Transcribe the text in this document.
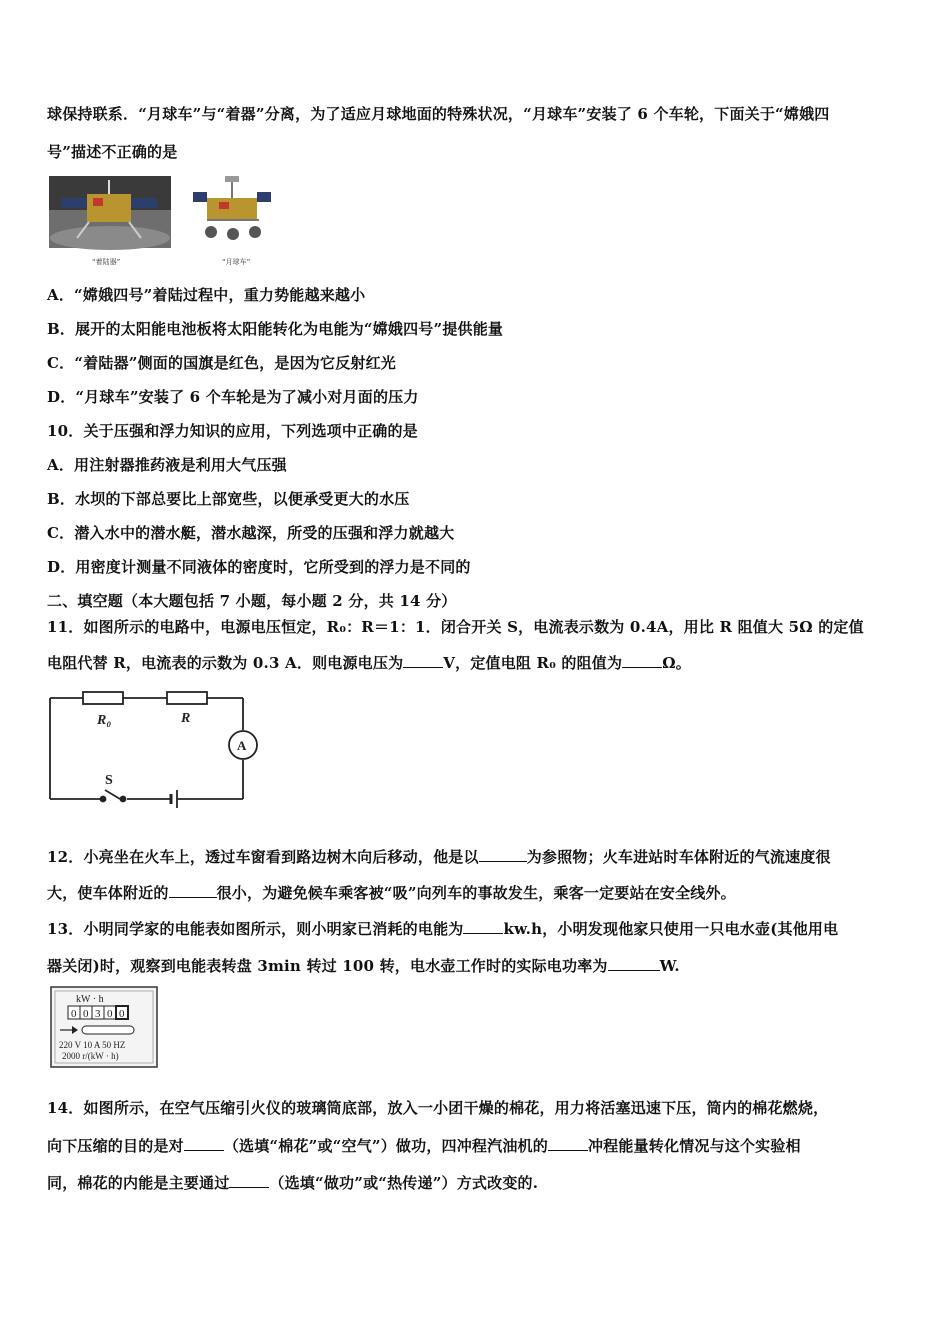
球保持联系．“月球车”与“着器”分离，为了适应月球地面的特殊状况，“月球车”安装了 6 个车轮，下面关于“嫦娥四
号”描述不正确的是
“着陆器”	“月球车”
A．“嫦娥四号”着陆过程中，重力势能越来越小
B．展开的太阳能电池板将太阳能转化为电能为“嫦娥四号”提供能量
C．“着陆器”侧面的国旗是红色，是因为它反射红光
D．“月球车”安装了 6 个车轮是为了减小对月面的压力
10．关于压强和浮力知识的应用，下列选项中正确的是
A．用注射器推药液是利用大气压强
B．水坝的下部总要比上部宽些，以便承受更大的水压
C．潜入水中的潜水艇，潜水越深，所受的压强和浮力就越大
D．用密度计测量不同液体的密度时，它所受到的浮力是不同的
二、填空题（本大题包括 7 小题，每小题 2 分，共 14 分）
11．如图所示的电路中，电源电压恒定，R₀：R＝1：1．闭合开关 S，电流表示数为 0.4A，用比 R 阻值大 5Ω 的定值
电阻代替 R，电流表的示数为 0.3 A．则电源电压为	V，定值电阻 R₀ 的阻值为	Ω。
R₀	R
A
S
12．小亮坐在火车上，透过车窗看到路边树木向后移动，他是以	为参照物；火车进站时车体附近的气流速度很
大，使车体附近的	很小，为避免候车乘客被“吸”向列车的事故发生，乘客一定要站在安全线外。
13．小明同学家的电能表如图所示，则小明家已消耗的电能为	kw.h，小明发现他家只使用一只电水壶(其他用电
器关闭)时，观察到电能表转盘 3min 转过 100 转，电水壶工作时的实际电功率为	W.
kW · h
0 0 3 0 0
220 V 10 A 50 HZ
2000 r/(kW · h)
14．如图所示，在空气压缩引火仪的玻璃筒底部，放入一小团干燥的棉花，用力将活塞迅速下压，筒内的棉花燃烧，
向下压缩的目的是对	（选填“棉花”或“空气”）做功，四冲程汽油机的	冲程能量转化情况与这个实验相
同，棉花的内能是主要通过	（选填“做功”或“热传递”）方式改变的.
